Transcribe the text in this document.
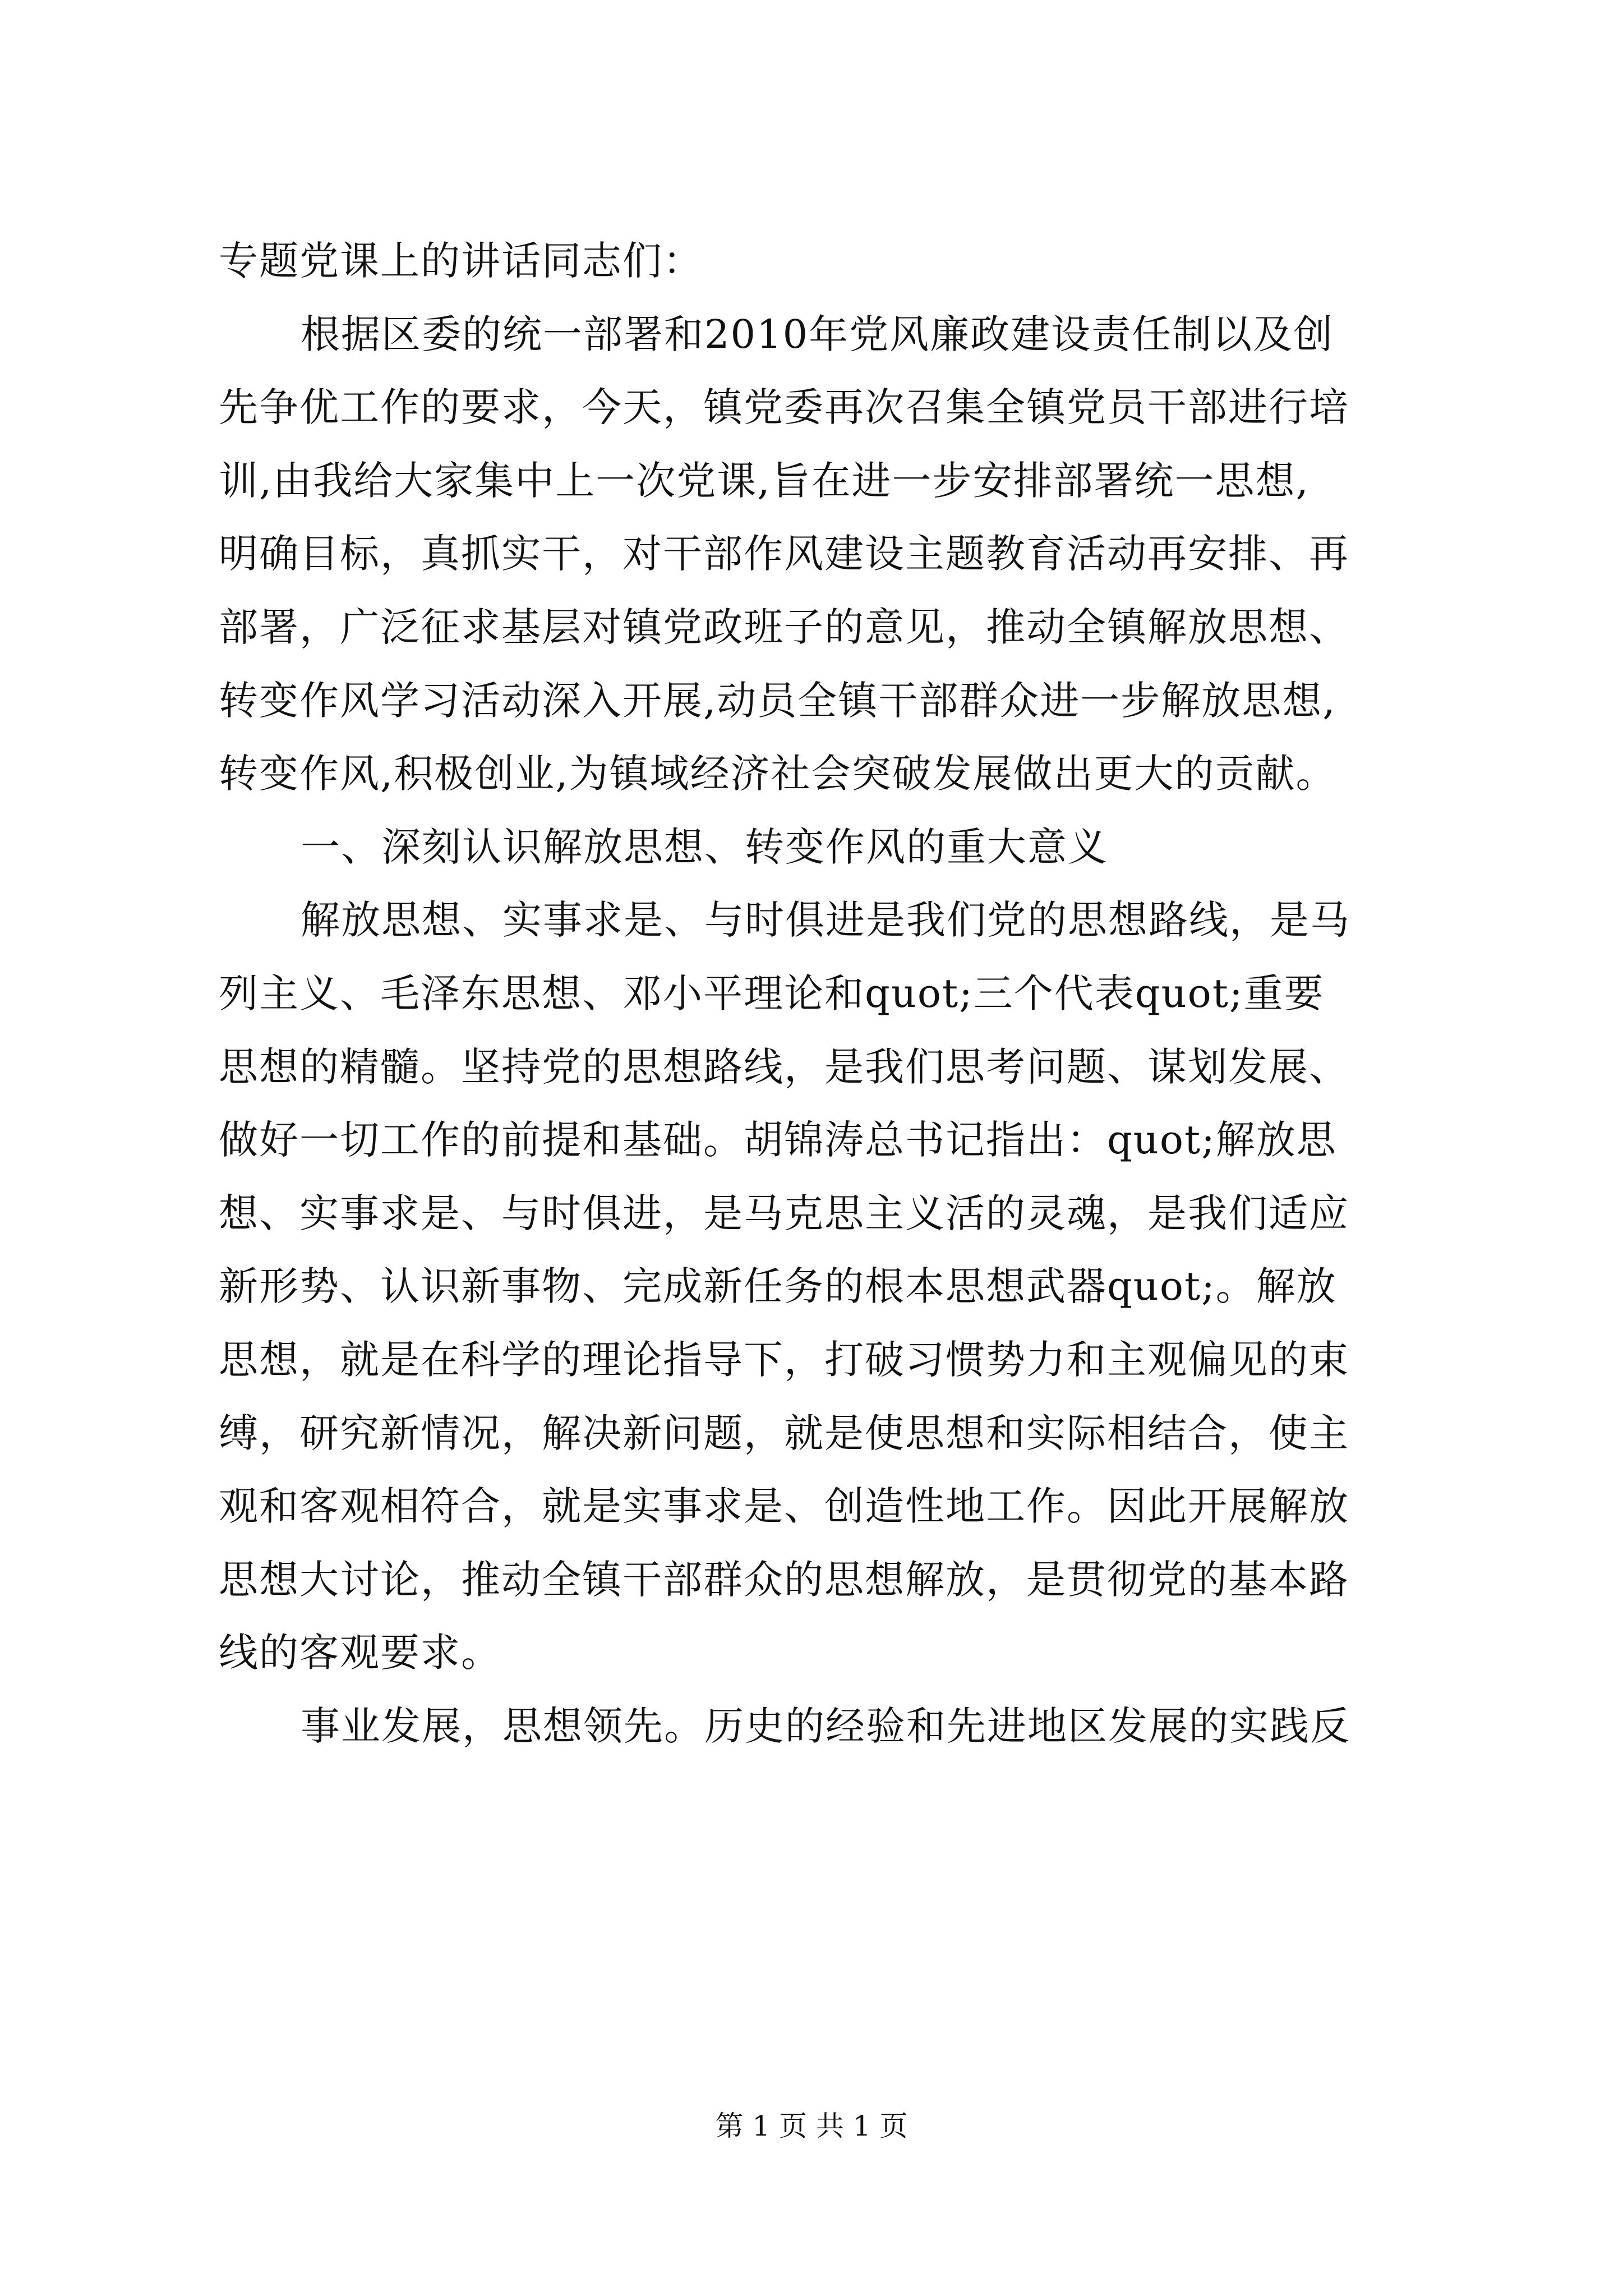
专题党课上的讲话同志们：
根据区委的统一部署和2010年党风廉政建设责任制以及创
先争优工作的要求，今天，镇党委再次召集全镇党员干部进行培
训,由我给大家集中上一次党课,旨在进一步安排部署统一思想,
明确目标，真抓实干，对干部作风建设主题教育活动再安排、再
部署，广泛征求基层对镇党政班子的意见，推动全镇解放思想、
转变作风学习活动深入开展,动员全镇干部群众进一步解放思想,
转变作风,积极创业,为镇域经济社会突破发展做出更大的贡献。
一、深刻认识解放思想、转变作风的重大意义
解放思想、实事求是、与时俱进是我们党的思想路线，是马
列主义、毛泽东思想、邓小平理论和quot;三个代表quot;重要
思想的精髓。坚持党的思想路线，是我们思考问题、谋划发展、
做好一切工作的前提和基础。胡锦涛总书记指出：quot;解放思
想、实事求是、与时俱进，是马克思主义活的灵魂，是我们适应
新形势、认识新事物、完成新任务的根本思想武器quot;。解放
思想，就是在科学的理论指导下，打破习惯势力和主观偏见的束
缚，研究新情况，解决新问题，就是使思想和实际相结合，使主
观和客观相符合，就是实事求是、创造性地工作。因此开展解放
思想大讨论，推动全镇干部群众的思想解放，是贯彻党的基本路
线的客观要求。
事业发展，思想领先。历史的经验和先进地区发展的实践反
第 1 页 共 1 页
